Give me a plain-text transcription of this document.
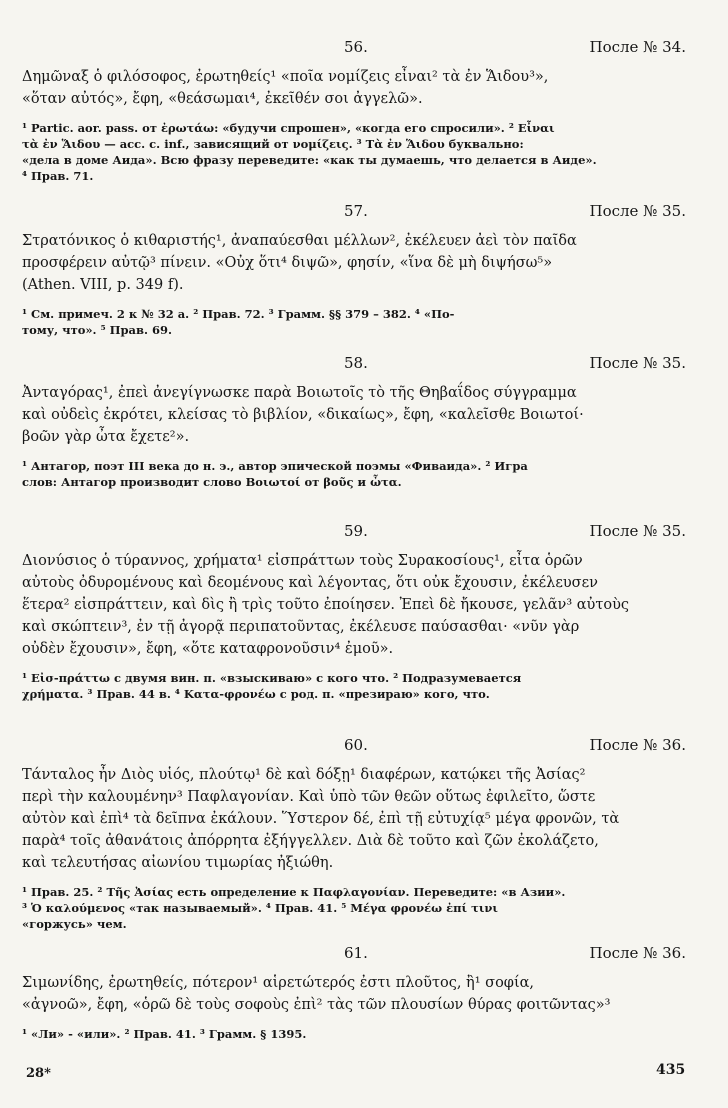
56.	После № 34.
Δημῶναξ ὁ φιλόσοφος, ἐρωτηθείς¹ «ποῖα νομίζεις εἶναι² τὰ ἐν Ἅιδου³»,
«ὅταν αὐτός», ἔφη, «θεάσωμαι⁴, ἐκεῖθέν σοι ἀγγελῶ».
¹ Partic. aor. pass. от ἐρωτάω: «будучи спрошен», «когда его спросили». ² Εἶναι
τὰ ἐν Ἅιδου — acc. c. inf., зависящий от νομίζεις. ³ Τὰ ἐν Ἅιδου буквально:
«дела в доме Аида». Всю фразу переведите: «как ты думаешь, что делается в Аиде».
⁴ Прав. 71.
57.	После № 35.
Στρατόνικος ὁ κιθαριστής¹, ἀναπαύεσθαι μέλλων², ἐκέλευεν ἀεὶ τὸν παῖδα
προσφέρειν αὐτῷ³ πίνειν. «Οὐχ ὅτι⁴ διψῶ», φησίν, «ἵνα δὲ μὴ διψήσω⁵»
(Athen. VIII, p. 349 f).
¹ См. примеч. 2 к № 32 а. ² Прав. 72. ³ Грамм. §§ 379 – 382. ⁴ «По-
тому, что». ⁵ Прав. 69.
58.	После № 35.
Ἀνταγόρας¹, ἐπεὶ ἀνεγίγνωσκε παρὰ Βοιωτοῖς τὸ τῆς Θηβαΐδος σύγγραμμα
καὶ οὐδεὶς ἐκρότει, κλείσας τὸ βιβλίον, «δικαίως», ἔφη, «καλεῖσθε Βοιωτοί·
βοῶν γὰρ ὦτα ἔχετε²».
¹ Антагор, поэт III века до н. э., автор эпической поэмы «Фиваида». ² Игра
слов: Антагор производит слово Βοιωτοί от βοῦς и ὦτα.
59.	После № 35.
Διονύσιος ὁ τύραννος, χρήματα¹ εἰσπράττων τοὺς Συρακοσίους¹, εἶτα ὁρῶν
αὐτοὺς ὀδυρομένους καὶ δεομένους καὶ λέγοντας, ὅτι οὐκ ἔχουσιν, ἐκέλευσεν
ἕτερα² εἰσπράττειν, καὶ δὶς ἢ τρὶς τοῦτο ἐποίησεν. Ἐπεὶ δὲ ἤκουσε, γελᾶν³ αὐτοὺς
καὶ σκώπτειν³, ἐν τῇ ἀγορᾷ περιπατοῦντας, ἐκέλευσε παύσασθαι· «νῦν γὰρ
οὐδὲν ἔχουσιν», ἔφη, «ὅτε καταφρονοῦσιν⁴ ἐμοῦ».
¹ Εἰσ-πράττω с двумя вин. п. «взыскиваю» с кого что. ² Подразумевается
χρήματα. ³ Прав. 44 в. ⁴ Κατα-φρονέω с род. п. «презираю» кого, что.
60.	После № 36.
Τάνταλος ἦν Διὸς υἱός, πλούτῳ¹ δὲ καὶ δόξῃ¹ διαφέρων, κατῴκει τῆς Ἀσίας²
περὶ τὴν καλουμένην³ Παφλαγονίαν. Καὶ ὑπὸ τῶν θεῶν οὕτως ἐφιλεῖτο, ὥστε
αὐτὸν καὶ ἐπὶ⁴ τὰ δεῖπνα ἐκάλουν. Ὕστερον δέ, ἐπὶ τῇ εὐτυχίᾳ⁵ μέγα φρονῶν, τὰ
παρὰ⁴ τοῖς ἀθανάτοις ἀπόρρητα ἐξήγγελλεν. Διὰ δὲ τοῦτο καὶ ζῶν ἐκολάζετο,
καὶ τελευτήσας αἰωνίου τιμωρίας ἠξιώθη.
¹ Прав. 25. ² Τῆς Ἀσίας есть определение к Παφλαγονίαν. Переведите: «в Азии».
³ Ὁ καλούμενος «так называемый». ⁴ Прав. 41. ⁵ Μέγα φρονέω ἐπί τινι
«горжусь» чем.
61.	После № 36.
Σιμωνίδης, ἐρωτηθείς, πότερον¹ αἱρετώτερός ἐστι πλοῦτος, ἢ¹ σοφία,
«ἀγνοῶ», ἔφη, «ὁρῶ δὲ τοὺς σοφοὺς ἐπὶ² τὰς τῶν πλουσίων θύρας φοιτῶντας»³
¹ «Ли» - «или». ² Прав. 41. ³ Грамм. § 1395.
28*	435
